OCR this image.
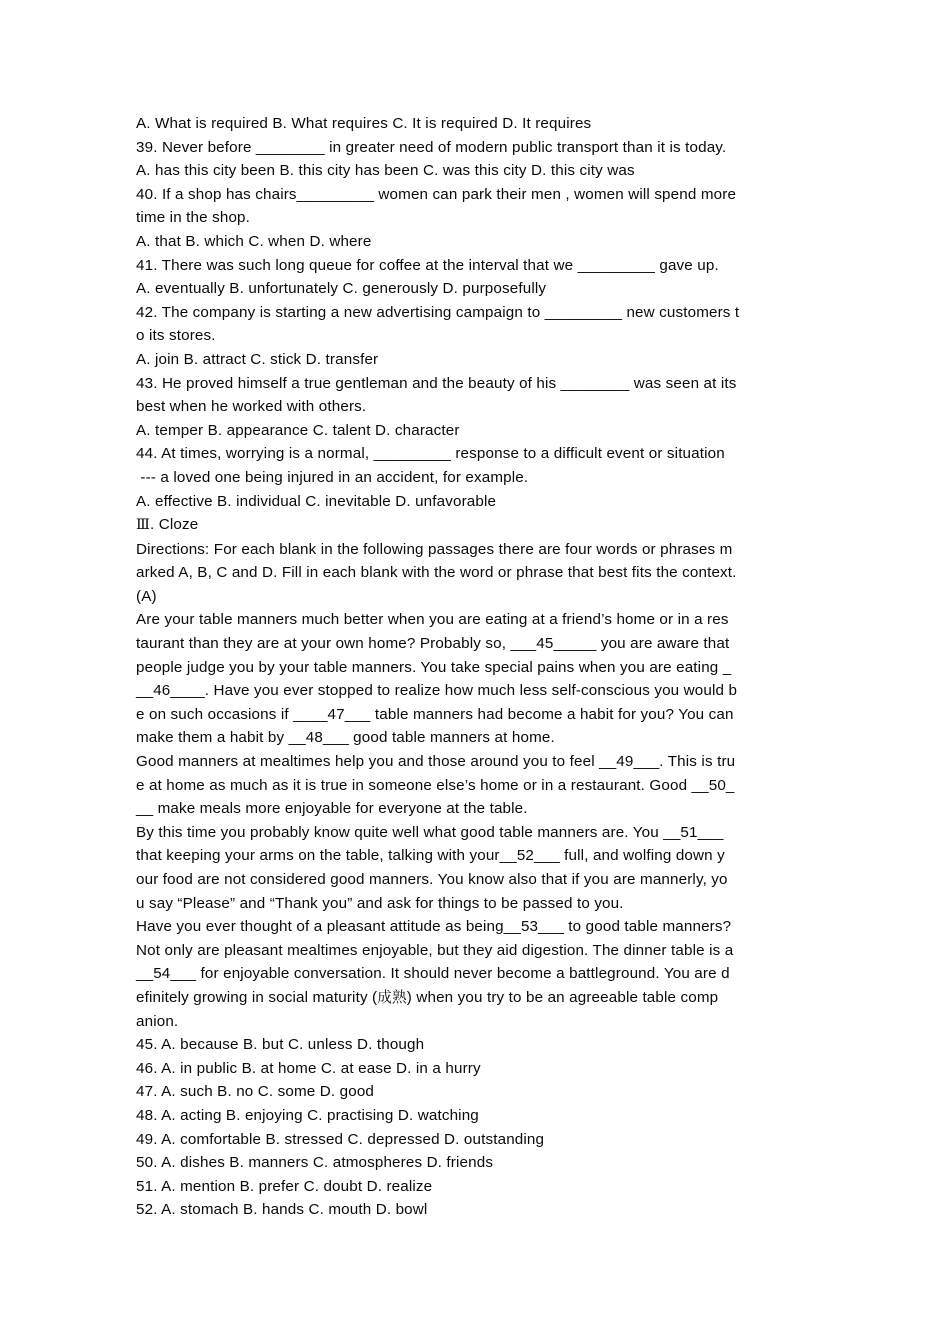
A. What is required B. What requires C. It is required D. It requires
39. Never before ________ in greater need of modern public transport than it is today.
A. has this city been B. this city has been C. was this city D. this city was
40. If a shop has chairs_________ women can park their men , women will spend more
time in the shop.
A. that B. which C. when D. where
41. There was such long queue for coffee at the interval that we _________ gave up.
A. eventually B. unfortunately C. generously D. purposefully
42. The company is starting a new advertising campaign to _________ new customers t
o its stores.
A. join B. attract C. stick D. transfer
43. He proved himself a true gentleman and the beauty of his ________ was seen at its
best when he worked with others.
A. temper B. appearance C. talent D. character
44. At times, worrying is a normal, _________ response to a difficult event or situation
--- a loved one being injured in an accident, for example.
A. effective B. individual C. inevitable D. unfavorable
Ⅲ. Cloze
Directions: For each blank in the following passages there are four words or phrases m
arked A, B, C and D. Fill in each blank with the word or phrase that best fits the context.
(A)
Are your table manners much better when you are eating at a friend’s home or in a res
taurant than they are at your own home? Probably so, ___45_____ you are aware that
people judge you by your table manners. You take special pains when you are eating _
__46____. Have you ever stopped to realize how much less self-conscious you would b
e on such occasions if ____47___ table manners had become a habit for you? You can
make them a habit by __48___ good table manners at home.
Good manners at mealtimes help you and those around you to feel __49___. This is tru
e at home as much as it is true in someone else’s home or in a restaurant. Good __50_
__ make meals more enjoyable for everyone at the table.
By this time you probably know quite well what good table manners are. You __51___
that keeping your arms on the table, talking with your__52___ full, and wolfing down y
our food are not considered good manners. You know also that if you are mannerly, yo
u say “Please” and “Thank you” and ask for things to be passed to you.
Have you ever thought of a pleasant attitude as being__53___ to good table manners?
Not only are pleasant mealtimes enjoyable, but they aid digestion. The dinner table is a
__54___ for enjoyable conversation. It should never become a battleground. You are d
efinitely growing in social maturity (成熟) when you try to be an agreeable table comp
anion.
45. A. because B. but C. unless D. though
46. A. in public B. at home C. at ease D. in a hurry
47. A. such B. no C. some D. good
48. A. acting B. enjoying C. practising D. watching
49. A. comfortable B. stressed C. depressed D. outstanding
50. A. dishes B. manners C. atmospheres D. friends
51. A. mention B. prefer C. doubt D. realize
52. A. stomach B. hands C. mouth D. bowl
